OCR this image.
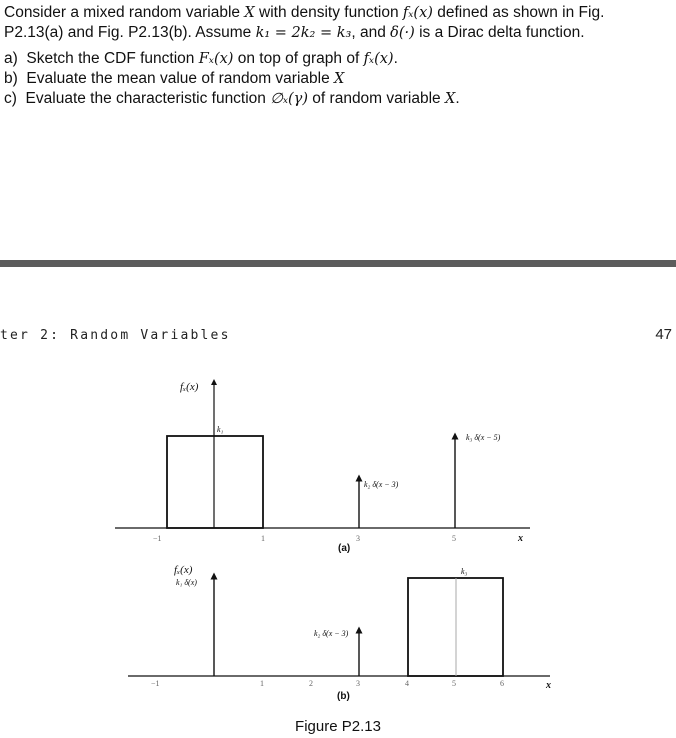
Consider a mixed random variable X with density function fₓ(x) defined as shown in Fig.

P2.13(a) and Fig. P2.13(b). Assume k₁ = 2k₂ = k₃, and δ(·) is a Dirac delta function.

a) Sketch the CDF function Fₓ(x) on top of graph of fₓ(x).
b) Evaluate the mean value of random variable X
c) Evaluate the characteristic function ∅ₓ(γ) of random variable X.
ter 2: Random Variables	47
fₓ(x)
k₁
k₂ δ(x − 3)
k₃ δ(x − 5)
x
−1	1	3	5
(a)
fₓ(x)
k₁ δ(x)
k₂ δ(x − 3)
k₃
x
−1	1	2	3	4	5	6
(b)
Figure P2.13
